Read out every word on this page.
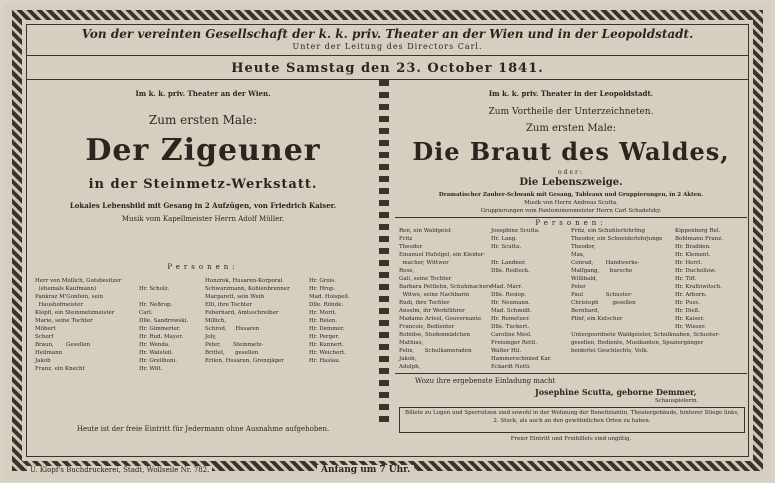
Von der vereinten Gesellschaft der k. k. priv. Theater an der Wien und in der Leopoldstadt.
Unter der Leitung des Directors Carl.
Heute Samstag den 23. October 1841.
Im k. k. priv. Theater an der Wien.
Zum ersten Male:
Der Zigeuner
in der Steinmetz-Werkstatt.
Lokales Lebensbild mit Gesang in 2 Aufzügen, von Friedrich Kaiser.
Musik vom Kapellmeister Herrn Adolf Müller.
Personen:
Herr von Mollich, Gutsbesitzer
(ehemals Kaufmann)
Pankraz M'Gonfein, sein
Haushofmeister
Klopfl, ein Steinmetzmeister
Marie, seine Tochter
Möbert
Schorf
Braun,       Gesellen
Heilmann
Jakob
Franz, ein Knecht
Hr. Scholz.

Hr. Neßrop.
Carl.
Dlle. Sandrowski.
Hr. Gimmerler.
Hr. Rud. Mayer.
Hr. Wenda.
Hr. Walsteil.
Hr. Greilhoni.
Hr. Wilt.
Honzrok, Husaren-Korporal
Schwarzmann, Kohlenbrenner
Margarett, sein Weib
Elli, ihre Tochter
Feberhard, Amtsschreiber
Millich,
Schrod,     Husaren
Joly,
Peter,       Steinmetz-
Brittel,      gesellen
Erilen, Husaren, Grenzjäger
Hr. Grois.
Hr. Hrop.
Mad. Hoispeil.
Dlle. Rönde.
Hr. Morit.
Hr. Reien.
Hr. Demmer.
Hr. Perger.
Hr. Kunnert.
Hr. Weichert.
Hr. Haslau.
Heute ist der freie Eintritt für Jedermann ohne Ausnahme aufgehoben.
Im k. k. priv. Theater in der Leopoldstadt.
Zum Vortheile der Unterzeichneten.
Zum ersten Male:
Die Braut des Waldes,
oder:
Die Lebenszweige.
Dramatischer Zauber-Schwank mit Gesang, Tableaux und Gruppierungen, in 2 Akten.
Musik von Herrn Andreas Scutta.
Gruppierungen vom Pantomimenmeister Herrn Carl Schadetzky.
Personen:
Ren, ein Waldgeist
Fritz
Theodor
Emanuel Hufelgel, ein Kleider-
macher, Wittwer
Rose,
Gali, seine Tochter
Barbara Pettlehn, Schuhmachers-
Witwe, seine Nachbarin
Rudi, ihre Tochter
Anselm, ihr Werkführer
Madame Arleel, Gouvernante
Francois, Bedienter
Robidse, Studenmädchen
Mathias,
Felix,      Schulkameraden
Jakob,
Adolph,
Josephine Scutta.
Hr. Lang.
Hr. Scutta.

Hr. Landner.
Dlle. Reißeck.

Mad. Marr.
Dlle. Reslop.
Hr. Neumann.
Mad. Schmidt.
Hr. Remetuer.
Dlle. Tuckert.
Caroline Mesl.
Freisinger Rettl.
Walter Hil.
Hammerschmied Kar.
Eckardt Netti.
Fritz, ein Schuhlerlehrling
Theodor, ein Schneiderlehrjunge
Theodor,
Max,
Conrad,       Handwerks-
Malfgang,      bursche
Willibald,
Peter
Paul             Schuster-
Christoph        gesellen
Bernhard,
Plinf, ein Kutscher

Untergeordnete Waldgeister, Schulknaben, Schuster-
gesellen, Bediente, Musikanten, Spaziergänger
beiderlei Geschlechts, Volk.
Kippenberg Rel.
Bohlmann Franz.
Hr. Bradden.
Hr. Klement.
Hr. Herrl.
Hr. Duchollow.
Hr. Tiff.
Hr. Krallowitsch.
Hr. Arborn.
Hr. Puss.
Hr. Dieß.
Hr. Kaiser.
Hr. Wieser.
Wozu ihre ergebenste Einladung macht
Josephine Scutta, geborne Demmer,
Schauspielerin.
Billete zu Logen und Sperrsitzen sind sowohl in der Wohnung der Benefiziantin, Theatergebäude, hinterer Stiege links, 2. Stock, als auch an den gewöhnlichen Orten zu haben.
Freier Eintritt und Freibillets sind ungiltig.
U. Klopf's Buchdruckerei, Stadt, Wollseile Nr. 782.	Anfang um 7 Uhr.
